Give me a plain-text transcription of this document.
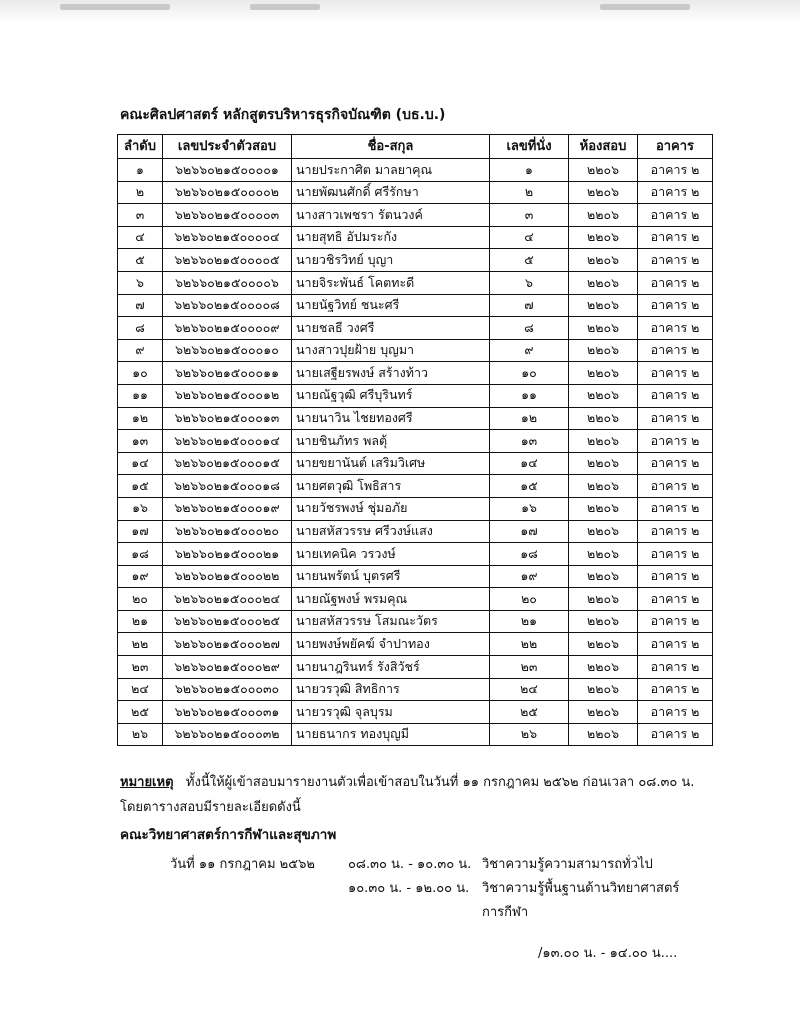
คณะศิลปศาสตร์ หลักสูตรบริหารธุรกิจบัณฑิต (บธ.บ.)
ลำดับ	เลขประจำตัวสอบ	ชื่อ-สกุล	เลขที่นั่ง	ห้องสอบ	อาคาร
๑	๖๒๖๖๐๒๑๕๐๐๐๐๑	นายประกาศิต มาลยาคุณ	๑	๒๒๐๖	อาคาร ๒
๒	๖๒๖๖๐๒๑๕๐๐๐๐๒	นายพัฒนศักดิ์ ศรีรักษา	๒	๒๒๐๖	อาคาร ๒
๓	๖๒๖๖๐๒๑๕๐๐๐๐๓	นางสาวเพชรา รัตนวงค์	๓	๒๒๐๖	อาคาร ๒
๔	๖๒๖๖๐๒๑๕๐๐๐๐๔	นายสุทธิ อัปมระกัง	๔	๒๒๐๖	อาคาร ๒
๕	๖๒๖๖๐๒๑๕๐๐๐๐๕	นายวชิรวิทย์ บุญา	๕	๒๒๐๖	อาคาร ๒
๖	๖๒๖๖๐๒๑๕๐๐๐๐๖	นายจิระพันธ์ โคตทะดี	๖	๒๒๐๖	อาคาร ๒
๗	๖๒๖๖๐๒๑๕๐๐๐๐๘	นายนัฐวิทย์ ชนะศรี	๗	๒๒๐๖	อาคาร ๒
๘	๖๒๖๖๐๒๑๕๐๐๐๐๙	นายชลธี วงศรี	๘	๒๒๐๖	อาคาร ๒
๙	๖๒๖๖๐๒๑๕๐๐๐๑๐	นางสาวปุยฝ้าย บุญมา	๙	๒๒๐๖	อาคาร ๒
๑๐	๖๒๖๖๐๒๑๕๐๐๐๑๑	นายเสฐียรพงษ์ สร้างท้าว	๑๐	๒๒๐๖	อาคาร ๒
๑๑	๖๒๖๖๐๒๑๕๐๐๐๑๒	นายณัฐวุฒิ ศรีบุรินทร์	๑๑	๒๒๐๖	อาคาร ๒
๑๒	๖๒๖๖๐๒๑๕๐๐๐๑๓	นายนาวิน ไชยทองศรี	๑๒	๒๒๐๖	อาคาร ๒
๑๓	๖๒๖๖๐๒๑๕๐๐๐๑๔	นายชินภัทร พลตุ้	๑๓	๒๒๐๖	อาคาร ๒
๑๔	๖๒๖๖๐๒๑๕๐๐๐๑๕	นายขยานันต์ เสริมวิเศษ	๑๔	๒๒๐๖	อาคาร ๒
๑๕	๖๒๖๖๐๒๑๕๐๐๐๑๘	นายศตวุฒิ โพธิสาร	๑๕	๒๒๐๖	อาคาร ๒
๑๖	๖๒๖๖๐๒๑๕๐๐๐๑๙	นายวัชรพงษ์ ชุ่มอภัย	๑๖	๒๒๐๖	อาคาร ๒
๑๗	๖๒๖๖๐๒๑๕๐๐๐๒๐	นายสหัสวรรษ ศรีวงษ์แสง	๑๗	๒๒๐๖	อาคาร ๒
๑๘	๖๒๖๖๐๒๑๕๐๐๐๒๑	นายเทคนิค วรวงษ์	๑๘	๒๒๐๖	อาคาร ๒
๑๙	๖๒๖๖๐๒๑๕๐๐๐๒๒	นายนพรัตน์ บุตรศรี	๑๙	๒๒๐๖	อาคาร ๒
๒๐	๖๒๖๖๐๒๑๕๐๐๐๒๔	นายณัฐพงษ์ พรมคุณ	๒๐	๒๒๐๖	อาคาร ๒
๒๑	๖๒๖๖๐๒๑๕๐๐๐๒๕	นายสหัสวรรษ โสมณะวัตร	๒๑	๒๒๐๖	อาคาร ๒
๒๒	๖๒๖๖๐๒๑๕๐๐๐๒๗	นายพงษ์พยัคฆ์ จำปาทอง	๒๒	๒๒๐๖	อาคาร ๒
๒๓	๖๒๖๖๐๒๑๕๐๐๐๒๙	นายนาฎรินทร์ รังสิวัชร์	๒๓	๒๒๐๖	อาคาร ๒
๒๔	๖๒๖๖๐๒๑๕๐๐๐๓๐	นายวรวุฒิ สิทธิการ	๒๔	๒๒๐๖	อาคาร ๒
๒๕	๖๒๖๖๐๒๑๕๐๐๐๓๑	นายวรวุฒิ จุลบุรม	๒๕	๒๒๐๖	อาคาร ๒
๒๖	๖๒๖๖๐๒๑๕๐๐๐๓๒	นายธนากร ทองบุญมี	๒๖	๒๒๐๖	อาคาร ๒
หมายเหตุ ทั้งนี้ให้ผู้เข้าสอบมารายงานตัวเพื่อเข้าสอบในวันที่ ๑๑ กรกฎาคม ๒๕๖๒ ก่อนเวลา ๐๘.๓๐ น.
โดยตารางสอบมีรายละเอียดดังนี้
คณะวิทยาศาสตร์การกีฬาและสุขภาพ
วันที่ ๑๑ กรกฎาคม ๒๕๖๒	๐๘.๓๐ น. - ๑๐.๓๐ น. วิชาความรู้ความสามารถทั่วไป
๑๐.๓๐ น. - ๑๒.๐๐ น. วิชาความรู้พื้นฐานด้านวิทยาศาสตร์
การกีฬา
/๑๓.๐๐ น. - ๑๔.๐๐ น....
